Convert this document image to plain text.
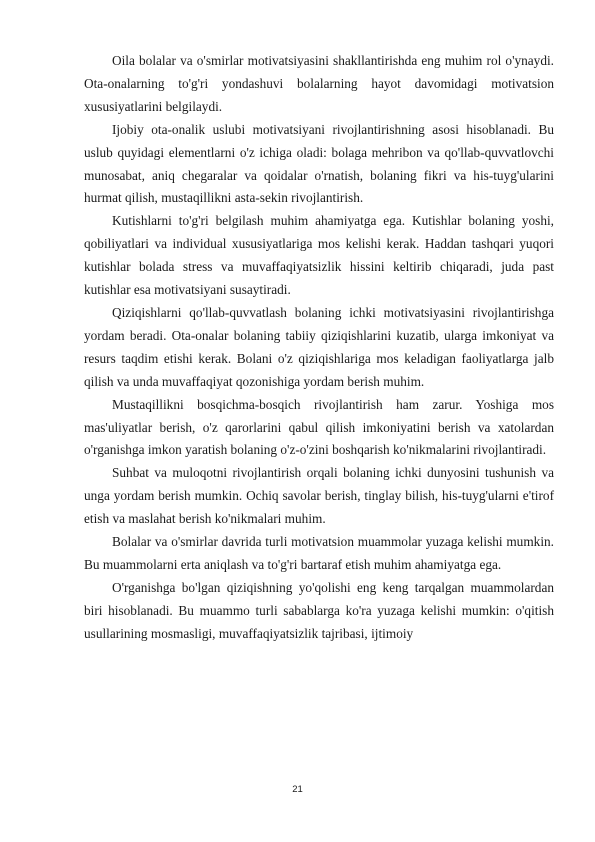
Oila bolalar va o'smirlar motivatsiyasini shakllantirishda eng muhim rol o'ynaydi. Ota-onalarning to'g'ri yondashuvi bolalarning hayot davomidagi motivatsion xususiyatlarini belgilaydi.

Ijobiy ota-onalik uslubi motivatsiyani rivojlantirishning asosi hisoblanadi. Bu uslub quyidagi elementlarni o'z ichiga oladi: bolaga mehribon va qo'llab-quvvatlovchi munosabat, aniq chegaralar va qoidalar o'rnatish, bolaning fikri va his-tuyg'ularini hurmat qilish, mustaqillikni asta-sekin rivojlantirish.

Kutishlarni to'g'ri belgilash muhim ahamiyatga ega. Kutishlar bolaning yoshi, qobiliyatlari va individual xususiyatlariga mos kelishi kerak. Haddan tashqari yuqori kutishlar bolada stress va muvaffaqiyatsizlik hissini keltirib chiqaradi, juda past kutishlar esa motivatsiyani susaytiradi.

Qiziqishlarni qo'llab-quvvatlash bolaning ichki motivatsiyasini rivojlantirishga yordam beradi. Ota-onalar bolaning tabiiy qiziqishlarini kuzatib, ularga imkoniyat va resurs taqdim etishi kerak. Bolani o'z qiziqishlariga mos keladigan faoliyatlarga jalb qilish va unda muvaffaqiyat qozonishiga yordam berish muhim.

Mustaqillikni bosqichma-bosqich rivojlantirish ham zarur. Yoshiga mos mas'uliyatlar berish, o'z qarorlarini qabul qilish imkoniyatini berish va xatolardan o'rganishga imkon yaratish bolaning o'z-o'zini boshqarish ko'nikmalarini rivojlantiradi.

Suhbat va muloqotni rivojlantirish orqali bolaning ichki dunyosini tushunish va unga yordam berish mumkin. Ochiq savolar berish, tinglay bilish, his-tuyg'ularni e'tirof etish va maslahat berish ko'nikmalari muhim.

Bolalar va o'smirlar davrida turli motivatsion muammolar yuzaga kelishi mumkin. Bu muammolarni erta aniqlash va to'g'ri bartaraf etish muhim ahamiyatga ega.

O'rganishga bo'lgan qiziqishning yo'qolishi eng keng tarqalgan muammolardan biri hisoblanadi. Bu muammo turli sabablarga ko'ra yuzaga kelishi mumkin: o'qitish usullarining mosmasligi, muvaffaqiyatsizlik tajribasi, ijtimoiy

21
